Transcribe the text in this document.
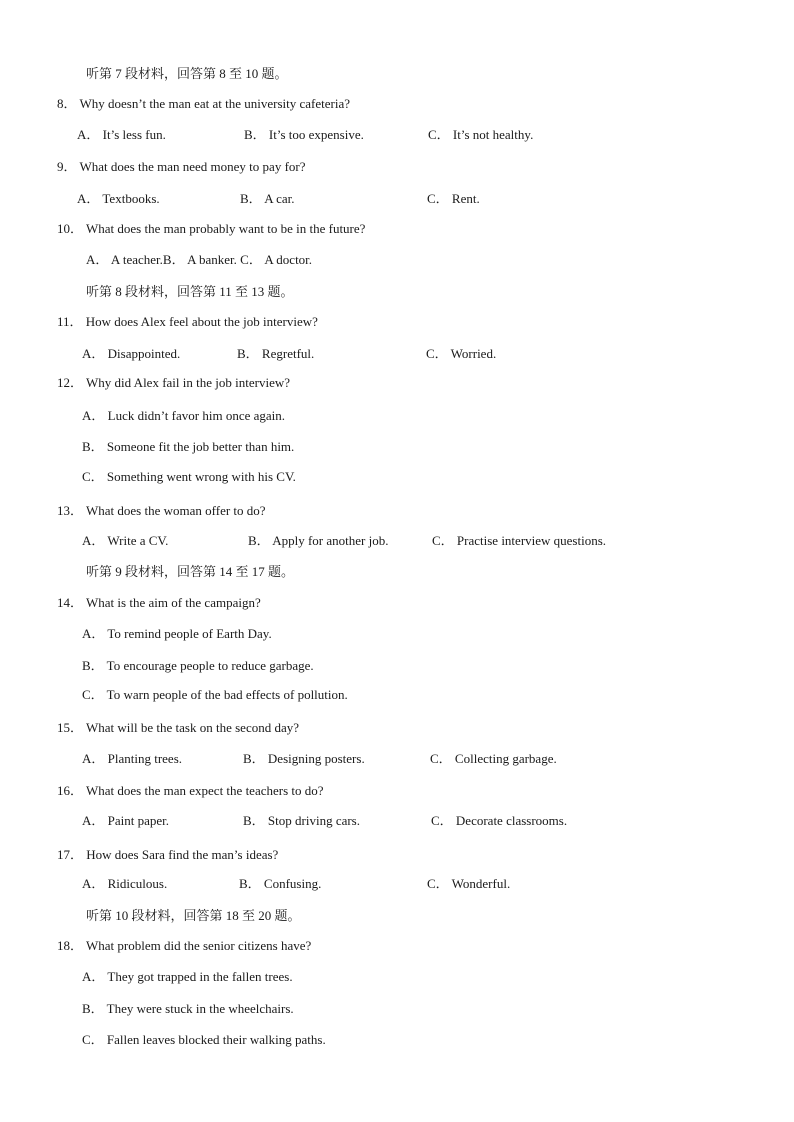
听第 7 段材料，回答第 8 至 10 题。
8． Why doesn’t the man eat at the university cafeteria?
A． It’s less fun.	B． It’s too expensive.	C． It’s not healthy.
9． What does the man need money to pay for?
A． Textbooks.	B． A car.	C． Rent.
10． What does the man probably want to be in the future?
A． A teacher.B． A banker. C． A doctor.
听第 8 段材料，回答第 11 至 13 题。
11． How does Alex feel about the job interview?
A． Disappointed.	B． Regretful.	C． Worried.
12． Why did Alex fail in the job interview?
A． Luck didn’t favor him once again.
B． Someone fit the job better than him.
C． Something went wrong with his CV.
13． What does the woman offer to do?
A． Write a CV.	B． Apply for another job.	C． Practise interview questions.
听第 9 段材料，回答第 14 至 17 题。
14． What is the aim of the campaign?
A． To remind people of Earth Day.
B． To encourage people to reduce garbage.
C． To warn people of the bad effects of pollution.
15． What will be the task on the second day?
A． Planting trees.	B． Designing posters.	C． Collecting garbage.
16． What does the man expect the teachers to do?
A． Paint paper.	B． Stop driving cars.	C． Decorate classrooms.
17． How does Sara find the man’s ideas?
A． Ridiculous.	B． Confusing.	C． Wonderful.
听第 10 段材料，回答第 18 至 20 题。
18． What problem did the senior citizens have?
A． They got trapped in the fallen trees.
B． They were stuck in the wheelchairs.
C． Fallen leaves blocked their walking paths.
